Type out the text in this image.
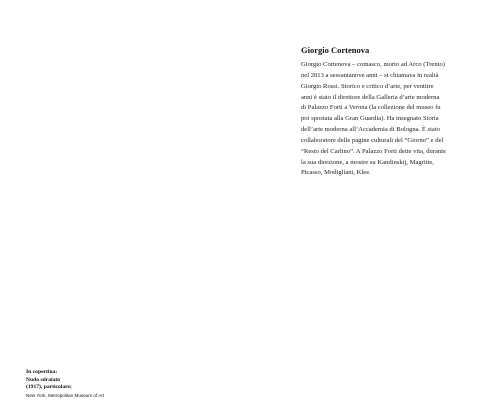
Giorgio Cortenova
Giorgio Cortenova – comasco, morto ad Arco (Trento)
nel 2013 a sessantanove anni – si chiamava in realtà
Giorgio Rossi. Storico e critico d’arte, per ventitre
anni è stato il direttore della Galleria d’arte moderna
di Palazzo Forti a Verona (la collezione del museo fu
poi spostata alla Gran Guardia). Ha insegnato Storia
dell’arte moderna all’Accademia di Bologna. È stato
collaboratore delle pagine culturali del “Giorno” e del
“Resto del Carlino”. A Palazzo Forti dette vita, durante
la sua direzione, a mostre su Kandinskij, Magritte,
Picasso, Modigliani, Klee.
In copertina:
Nudo sdraiato
(1917), particolare;
New York, Metropolitan Museum of Art
